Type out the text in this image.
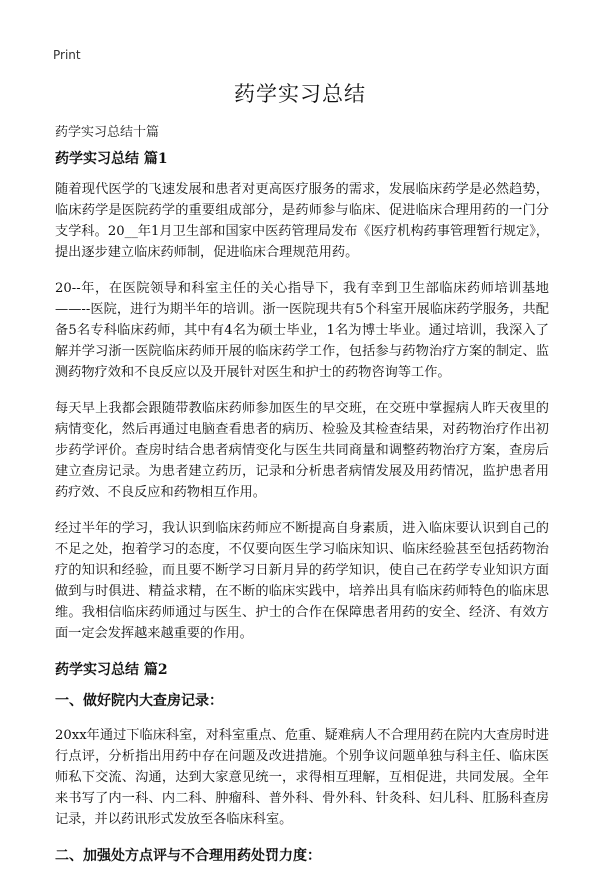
Print
药学实习总结
药学实习总结十篇
药学实习总结 篇1

随着现代医学的飞速发展和患者对更高医疗服务的需求，发展临床药学是必然趋势，临床药学是医院药学的重要组成部分，是药师参与临床、促进临床合理用药的一门分支学科。20__年1月卫生部和国家中医药管理局发布《医疗机构药事管理暂行规定》，提出逐步建立临床药师制，促进临床合理规范用药。

20--年，在医院领导和科室主任的关心指导下，我有幸到卫生部临床药师培训基地——--医院，进行为期半年的培训。浙一医院现共有5个科室开展临床药学服务，共配备5名专科临床药师，其中有4名为硕士毕业，1名为博士毕业。通过培训，我深入了解并学习浙一医院临床药师开展的临床药学工作，包括参与药物治疗方案的制定、监测药物疗效和不良反应以及开展针对医生和护士的药物咨询等工作。

每天早上我都会跟随带教临床药师参加医生的早交班，在交班中掌握病人昨天夜里的病情变化，然后再通过电脑查看患者的病历、检验及其检查结果，对药物治疗作出初步药学评价。查房时结合患者病情变化与医生共同商量和调整药物治疗方案，查房后建立查房记录。为患者建立药历，记录和分析患者病情发展及用药情况，监护患者用药疗效、不良反应和药物相互作用。

经过半年的学习，我认识到临床药师应不断提高自身素质，进入临床要认识到自己的不足之处，抱着学习的态度，不仅要向医生学习临床知识、临床经验甚至包括药物治疗的知识和经验，而且要不断学习日新月异的药学知识，使自己在药学专业知识方面做到与时俱进、精益求精，在不断的临床实践中，培养出具有临床药师特色的临床思维。我相信临床药师通过与医生、护士的合作在保障患者用药的安全、经济、有效方面一定会发挥越来越重要的作用。

药学实习总结 篇2
一、做好院内大查房记录：

20xx年通过下临床科室，对科室重点、危重、疑难病人不合理用药在院内大查房时进行点评，分析指出用药中存在问题及改进措施。个别争议问题单独与科主任、临床医师私下交流、沟通，达到大家意见统一，求得相互理解，互相促进，共同发展。全年来书写了内一科、内二科、肿瘤科、普外科、骨外科、针灸科、妇儿科、肛肠科查房记录，并以药讯形式发放至各临床科室。

二、加强处方点评与不合理用药处罚力度：
